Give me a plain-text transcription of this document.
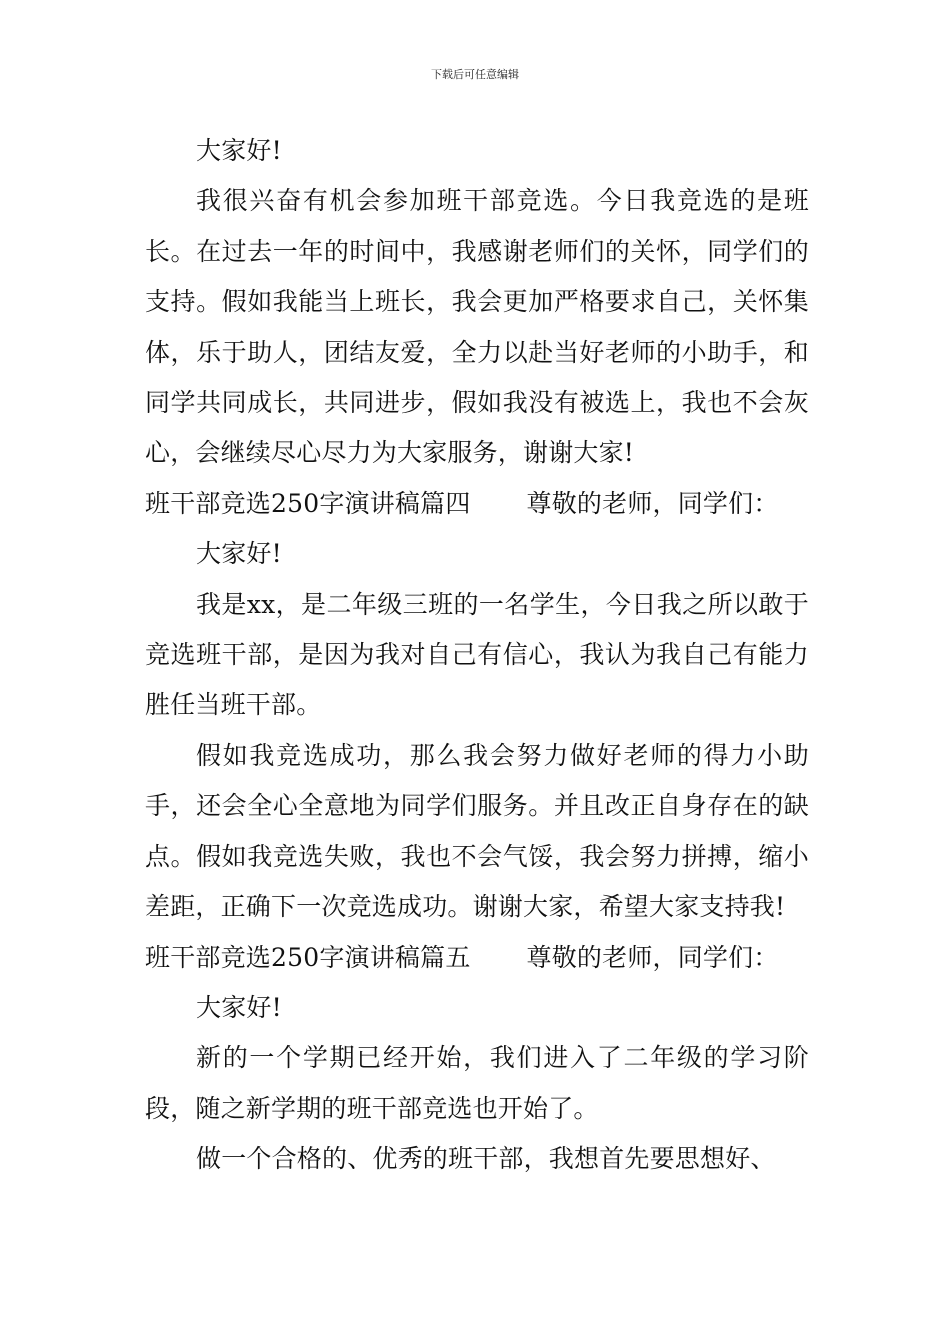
下载后可任意编辑

大家好!

我很兴奋有机会参加班干部竞选。今日我竞选的是班长。在过去一年的时间中，我感谢老师们的关怀，同学们的支持。假如我能当上班长，我会更加严格要求自己，关怀集体，乐于助人，团结友爱，全力以赴当好老师的小助手，和同学共同成长，共同进步，假如我没有被选上，我也不会灰心，会继续尽心尽力为大家服务，谢谢大家!

班干部竞选250字演讲稿篇四 尊敬的老师，同学们：

大家好!

我是xx，是二年级三班的一名学生，今日我之所以敢于竞选班干部，是因为我对自己有信心，我认为我自己有能力胜任当班干部。

假如我竞选成功，那么我会努力做好老师的得力小助手，还会全心全意地为同学们服务。并且改正自身存在的缺点。假如我竞选失败，我也不会气馁，我会努力拼搏，缩小差距，正确下一次竞选成功。谢谢大家，希望大家支持我!

班干部竞选250字演讲稿篇五 尊敬的老师，同学们：

大家好!

新的一个学期已经开始，我们进入了二年级的学习阶段，随之新学期的班干部竞选也开始了。

做一个合格的、优秀的班干部，我想首先要思想好、
